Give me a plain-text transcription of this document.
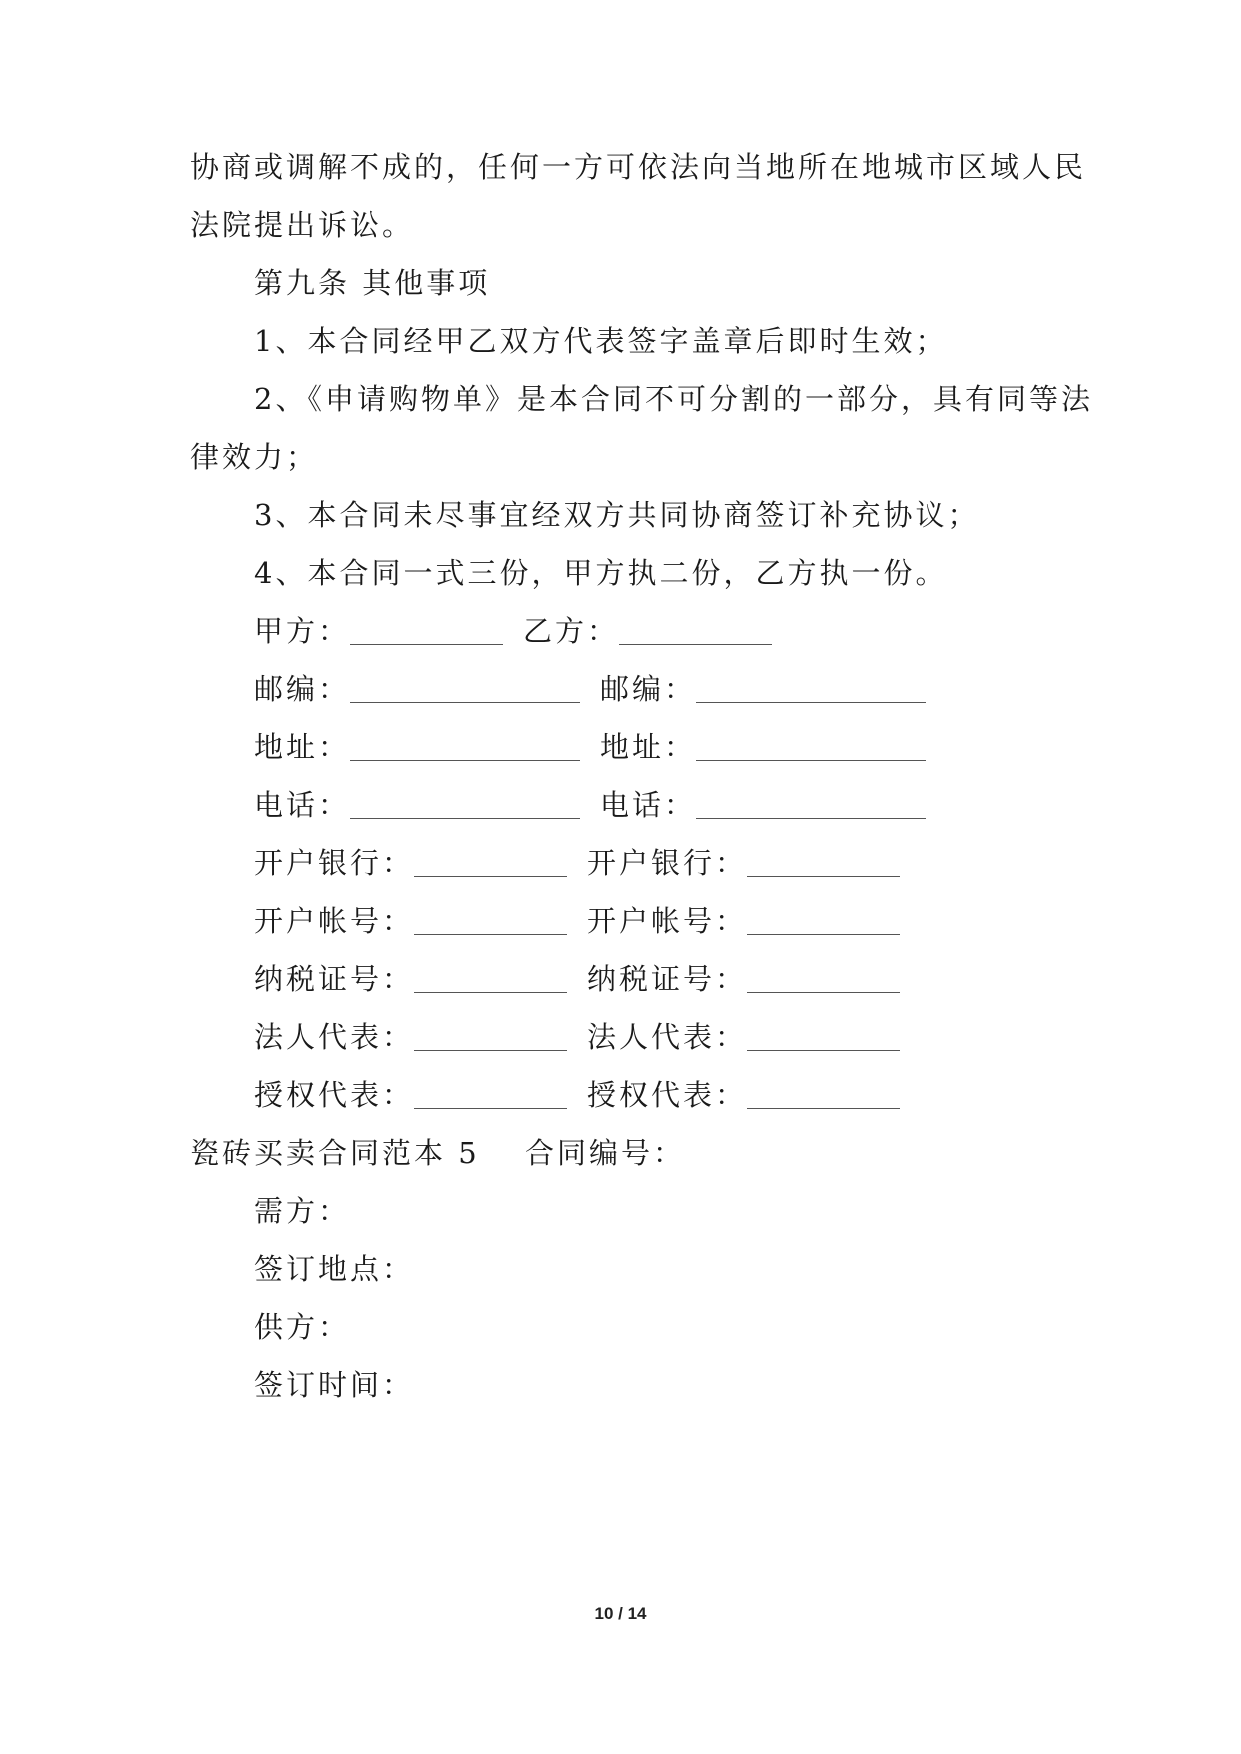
协商或调解不成的，任何一方可依法向当地所在地城市区域人民
法院提出诉讼。
第九条 其他事项
1、本合同经甲乙双方代表签字盖章后即时生效；
2、《申请购物单》是本合同不可分割的一部分，具有同等法
律效力；
3、本合同未尽事宜经双方共同协商签订补充协议；
4、本合同一式三份，甲方执二份，乙方执一份。
甲方：	乙方：
邮编：	邮编：
地址：	地址：
电话：	电话：
开户银行：	开户银行：
开户帐号：	开户帐号：
纳税证号：	纳税证号：
法人代表：	法人代表：
授权代表：	授权代表：
瓷砖买卖合同范本 5 合同编号：
需方：
签订地点：
供方：
签订时间：
10 / 14
